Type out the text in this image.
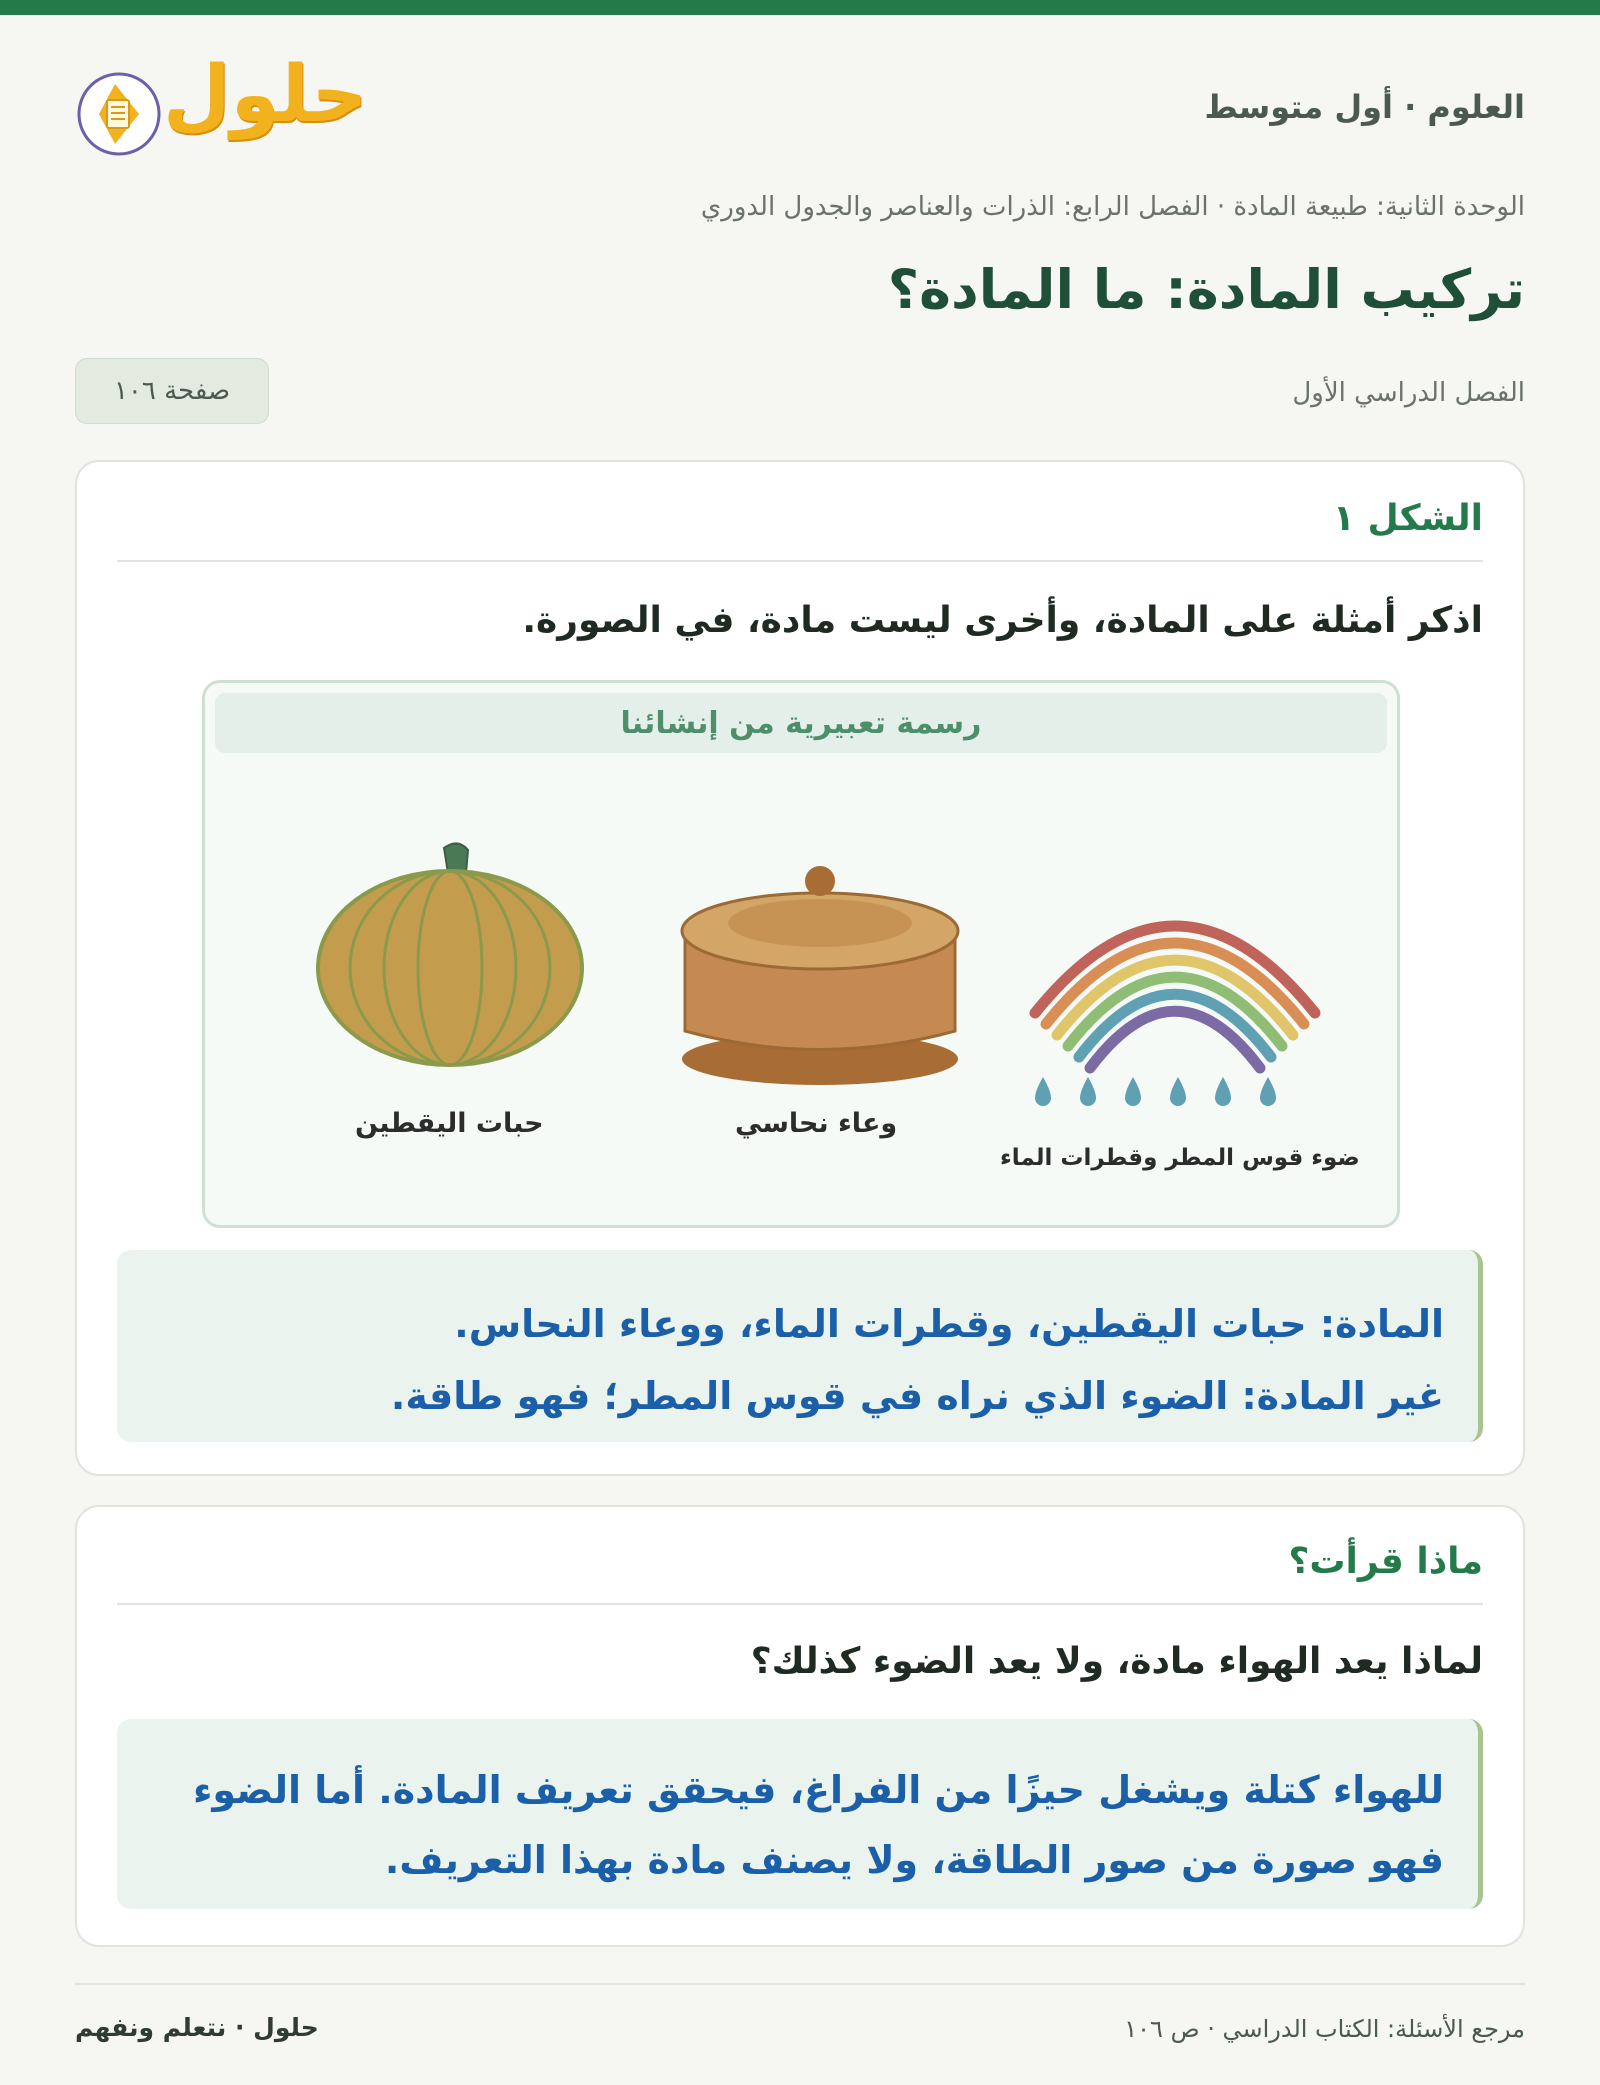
العلوم · أول متوسط
حلول
الوحدة الثانية: طبيعة المادة · الفصل الرابع: الذرات والعناصر والجدول الدوري
تركيب المادة: ما المادة؟
الفصل الدراسي الأول
صفحة ١٠٦
الشكل ١
اذكر أمثلة على المادة، وأخرى ليست مادة، في الصورة.
رسمة تعبيرية من إنشائنا
حبات اليقطين	وعاء نحاسي
ضوء قوس المطر وقطرات الماء

المادة: حبات اليقطين، وقطرات الماء، ووعاء النحاس.

غير المادة: الضوء الذي نراه في قوس المطر؛ فهو طاقة.

ماذا قرأت؟
لماذا يعد الهواء مادة، ولا يعد الضوء كذلك؟

للهواء كتلة ويشغل حيزًا من الفراغ، فيحقق تعريف المادة. أما الضوء فهو صورة من صور الطاقة، ولا يصنف مادة بهذا التعريف.

مرجع الأسئلة: الكتاب الدراسي · ص ١٠٦
حلول · نتعلم ونفهم
